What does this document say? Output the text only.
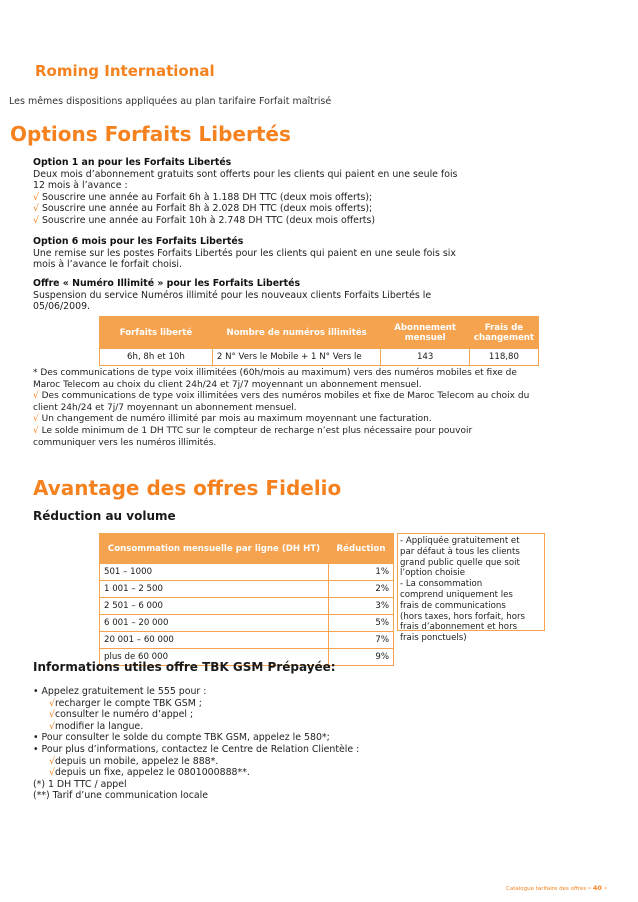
Roming International
Les mêmes dispositions appliquées au plan tarifaire Forfait maîtrisé
Options Forfaits Libertés
Option 1 an pour les Forfaits Libertés
Deux mois d’abonnement gratuits sont offerts pour les clients qui paient en une seule fois
12 mois à l’avance :
√ Souscrire une année au Forfait 6h à 1.188 DH TTC (deux mois offerts);
√ Souscrire une année au Forfait 8h à 2.028 DH TTC (deux mois offerts);
√ Souscrire une année au Forfait 10h à 2.748 DH TTC (deux mois offerts)
Option 6 mois pour les Forfaits Libertés
Une remise sur les postes Forfaits Libertés pour les clients qui paient en une seule fois six
mois à l’avance le forfait choisi.
Offre « Numéro Illimité » pour les Forfaits Libertés
Suspension du service Numéros illimité pour les nouveaux clients Forfaits Libertés le
05/06/2009.
Forfaits liberté	Nombre de numéros illimités	Abonnement mensuel	Frais de changement
6h, 8h et 10h	2 N° Vers le Mobile + 1 N° Vers le	143	118,80
* Des communications de type voix illimitées (60h/mois au maximum) vers des numéros mobiles et fixe de
Maroc Telecom au choix du client 24h/24 et 7j/7 moyennant un abonnement mensuel.
√ Des communications de type voix illimitées vers des numéros mobiles et fixe de Maroc Telecom au choix du
client 24h/24 et 7j/7 moyennant un abonnement mensuel.
√ Un changement de numéro illimité par mois au maximum moyennant une facturation.
√ Le solde minimum de 1 DH TTC sur le compteur de recharge n’est plus nécessaire pour pouvoir
communiquer vers les numéros illimités.
Avantage des offres Fidelio
Réduction au volume
Consommation mensuelle par ligne (DH HT)	Réduction
501 – 1000	1%
1 001 – 2 500	2%
2 501 – 6 000	3%
6 001 – 20 000	5%
20 001 – 60 000	7%
plus de 60 000	9%
- Appliquée gratuitement et
par défaut à tous les clients
grand public quelle que soit
l’option choisie
- La consommation
comprend uniquement les
frais de communications
(hors taxes, hors forfait, hors
frais d’abonnement et hors
frais ponctuels)
Informations utiles offre TBK GSM Prépayée:
• Appelez gratuitement le 555 pour :
√recharger le compte TBK GSM ;
√consulter le numéro d’appel ;
√modifier la langue.
• Pour consulter le solde du compte TBK GSM, appelez le 580*;
• Pour plus d’informations, contactez le Centre de Relation Clientèle :
√depuis un mobile, appelez le 888*.
√depuis un fixe, appelez le 0801000888**.
(*) 1 DH TTC / appel
(**) Tarif d’une communication locale
Catalogue tarifaire des offres - 40 -
